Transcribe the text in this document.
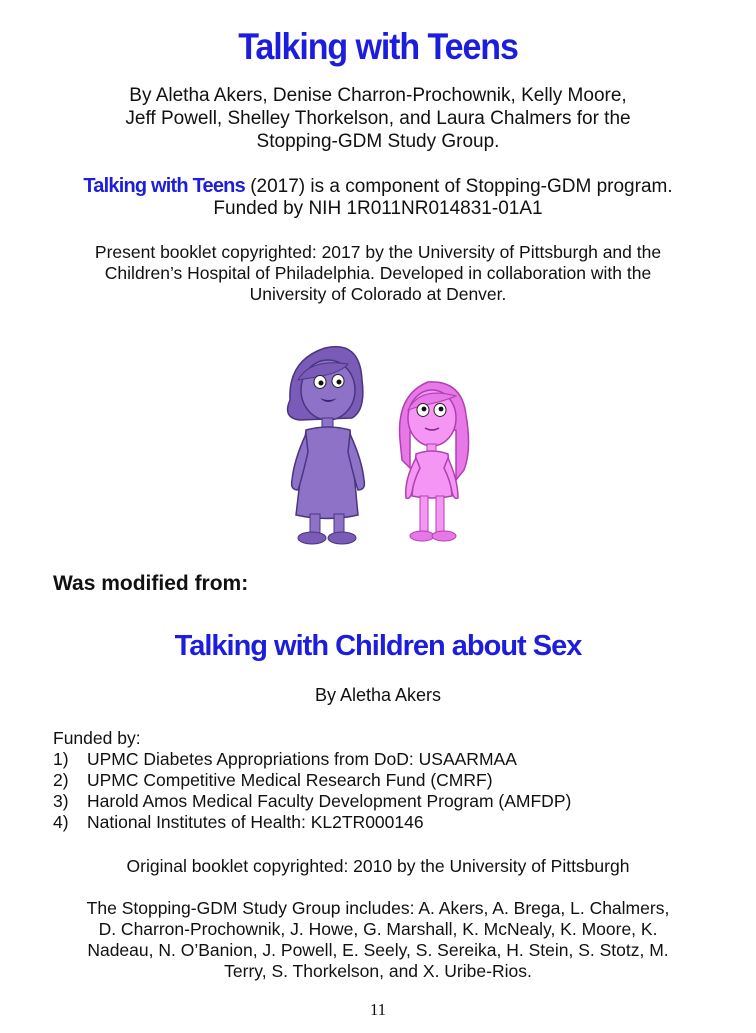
Talking with Teens
By Aletha Akers, Denise Charron-Prochownik, Kelly Moore,
Jeff Powell, Shelley Thorkelson, and Laura Chalmers for the
Stopping-GDM Study Group.
Talking with Teens (2017) is a component of Stopping-GDM program.
Funded by NIH 1R011NR014831-01A1
Present booklet copyrighted: 2017 by the University of Pittsburgh and the
Children’s Hospital of Philadelphia. Developed in collaboration with the
University of Colorado at Denver.
Was modified from:
Talking with Children about Sex
By Aletha Akers
Funded by:
1)	UPMC Diabetes Appropriations from DoD: USAARMAA
2)	UPMC Competitive Medical Research Fund (CMRF)
3)	Harold Amos Medical Faculty Development Program (AMFDP)
4)	National Institutes of Health: KL2TR000146
Original booklet copyrighted: 2010 by the University of Pittsburgh
The Stopping-GDM Study Group includes: A. Akers, A. Brega, L. Chalmers,
D. Charron-Prochownik, J. Howe, G. Marshall, K. McNealy, K. Moore, K.
Nadeau, N. O’Banion, J. Powell, E. Seely, S. Sereika, H. Stein, S. Stotz, M.
Terry, S. Thorkelson, and X. Uribe-Rios.
11
